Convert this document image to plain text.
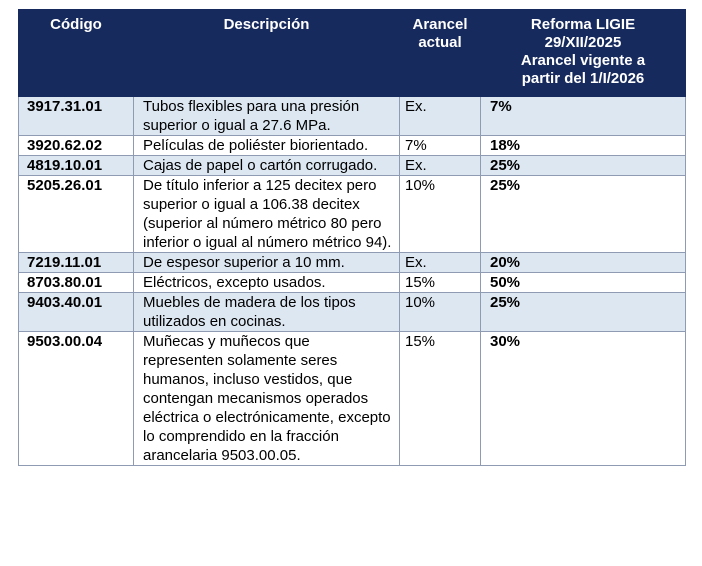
Código	Descripción	Arancel actual	Reforma LIGIE
29/XII/2025
Arancel vigente a
partir del 1/I/2026
3917.31.01	Tubos flexibles para una presión superior o igual a 27.6 MPa.	Ex.	7%
3920.62.02	Películas de poliéster biorientado.	7%	18%
4819.10.01	Cajas de papel o cartón corrugado.	Ex.	25%
5205.26.01	De título inferior a 125 decitex pero superior o igual a 106.38 decitex (superior al número métrico 80 pero inferior o igual al número métrico 94).	10%	25%
7219.11.01	De espesor superior a 10 mm.	Ex.	20%
8703.80.01	Eléctricos, excepto usados.	15%	50%
9403.40.01	Muebles de madera de los tipos utilizados en cocinas.	10%	25%
9503.00.04	Muñecas y muñecos que representen solamente seres humanos, incluso vestidos, que contengan mecanismos operados eléctrica o electrónicamente, excepto lo comprendido en la fracción arancelaria 9503.00.05.	15%	30%
